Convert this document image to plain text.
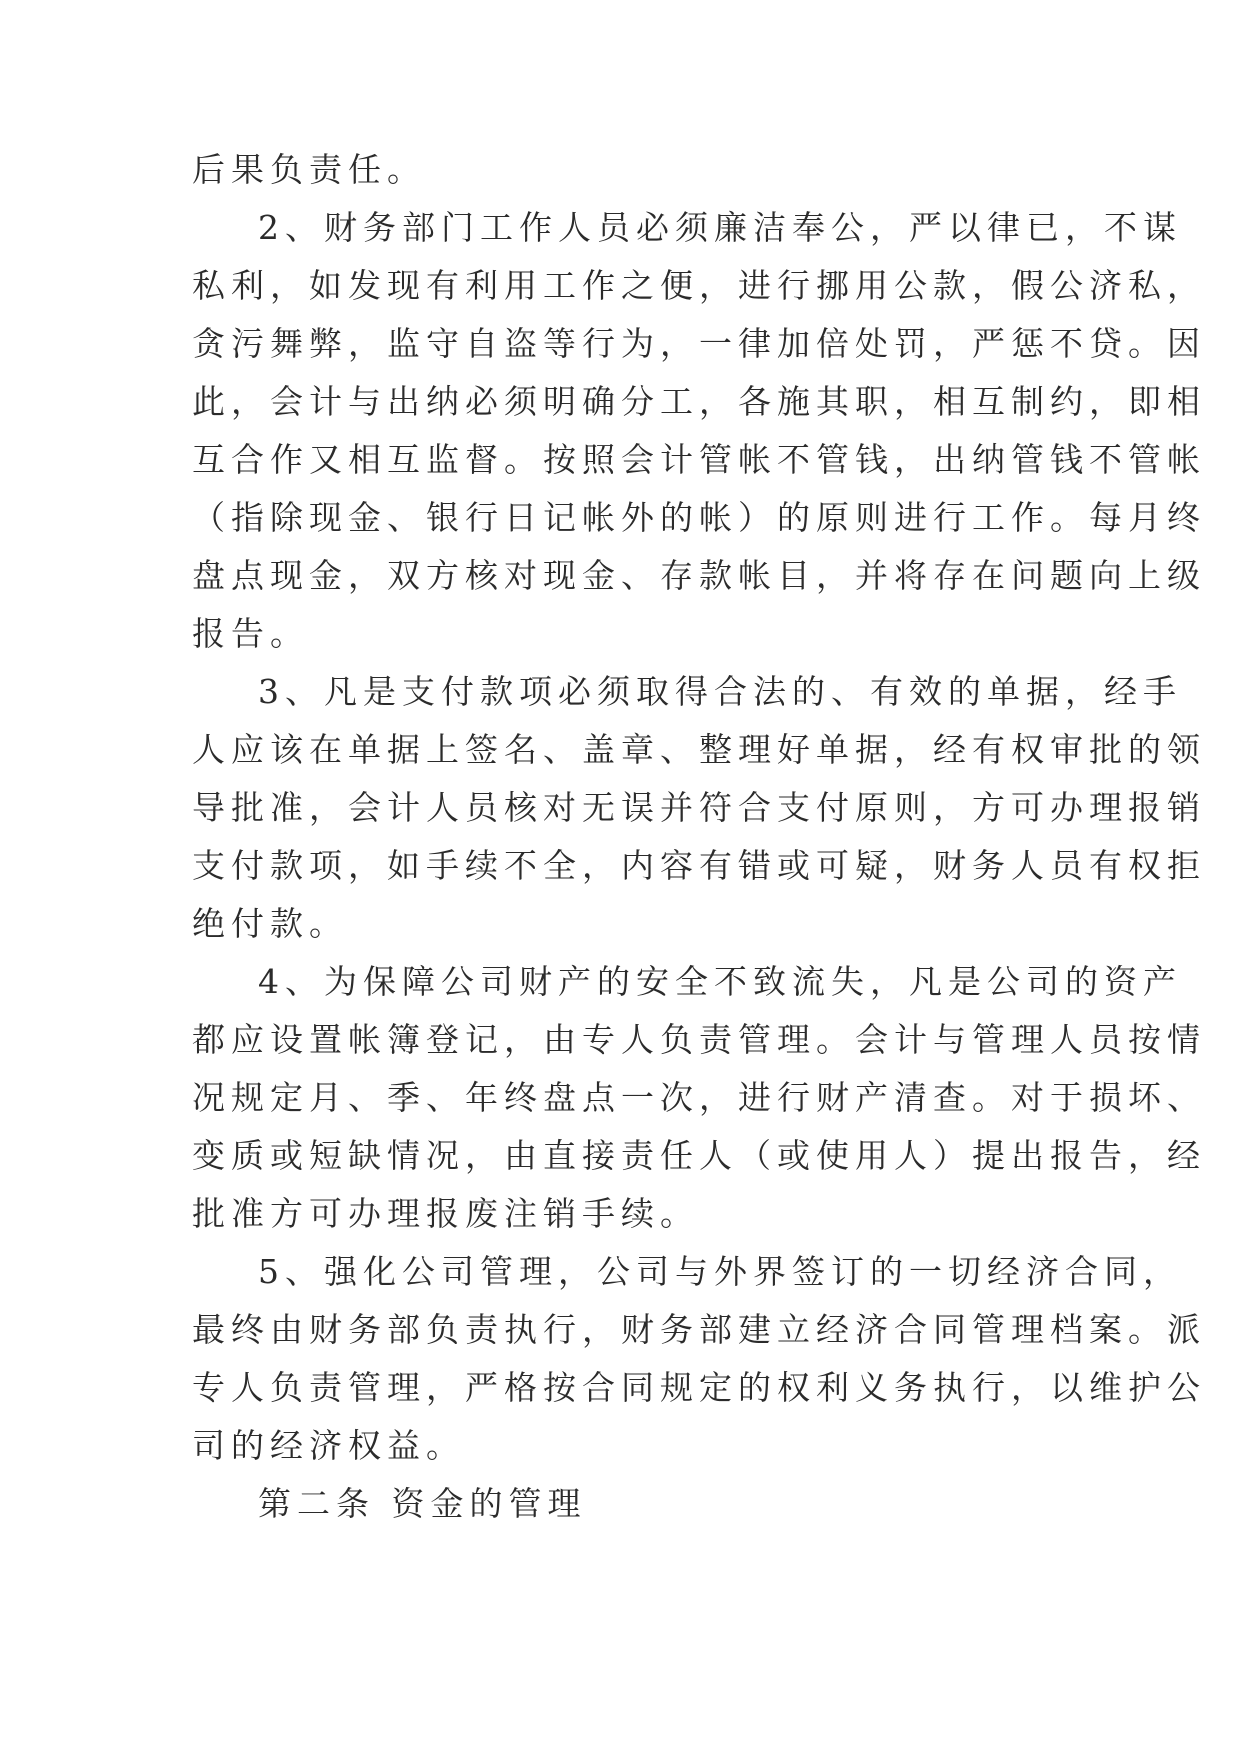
后果负责任。
2、财务部门工作人员必须廉洁奉公，严以律已，不谋
私利，如发现有利用工作之便，进行挪用公款，假公济私，
贪污舞弊，监守自盗等行为，一律加倍处罚，严惩不贷。因
此，会计与出纳必须明确分工，各施其职，相互制约，即相
互合作又相互监督。按照会计管帐不管钱，出纳管钱不管帐
（指除现金、银行日记帐外的帐）的原则进行工作。每月终
盘点现金，双方核对现金、存款帐目，并将存在问题向上级
报告。
3、凡是支付款项必须取得合法的、有效的单据，经手
人应该在单据上签名、盖章、整理好单据，经有权审批的领
导批准，会计人员核对无误并符合支付原则，方可办理报销
支付款项，如手续不全，内容有错或可疑，财务人员有权拒
绝付款。
4、为保障公司财产的安全不致流失，凡是公司的资产
都应设置帐簿登记，由专人负责管理。会计与管理人员按情
况规定月、季、年终盘点一次，进行财产清查。对于损坏、
变质或短缺情况，由直接责任人（或使用人）提出报告，经
批准方可办理报废注销手续。
5、强化公司管理，公司与外界签订的一切经济合同，
最终由财务部负责执行，财务部建立经济合同管理档案。派
专人负责管理，严格按合同规定的权利义务执行，以维护公
司的经济权益。
第二条 资金的管理
